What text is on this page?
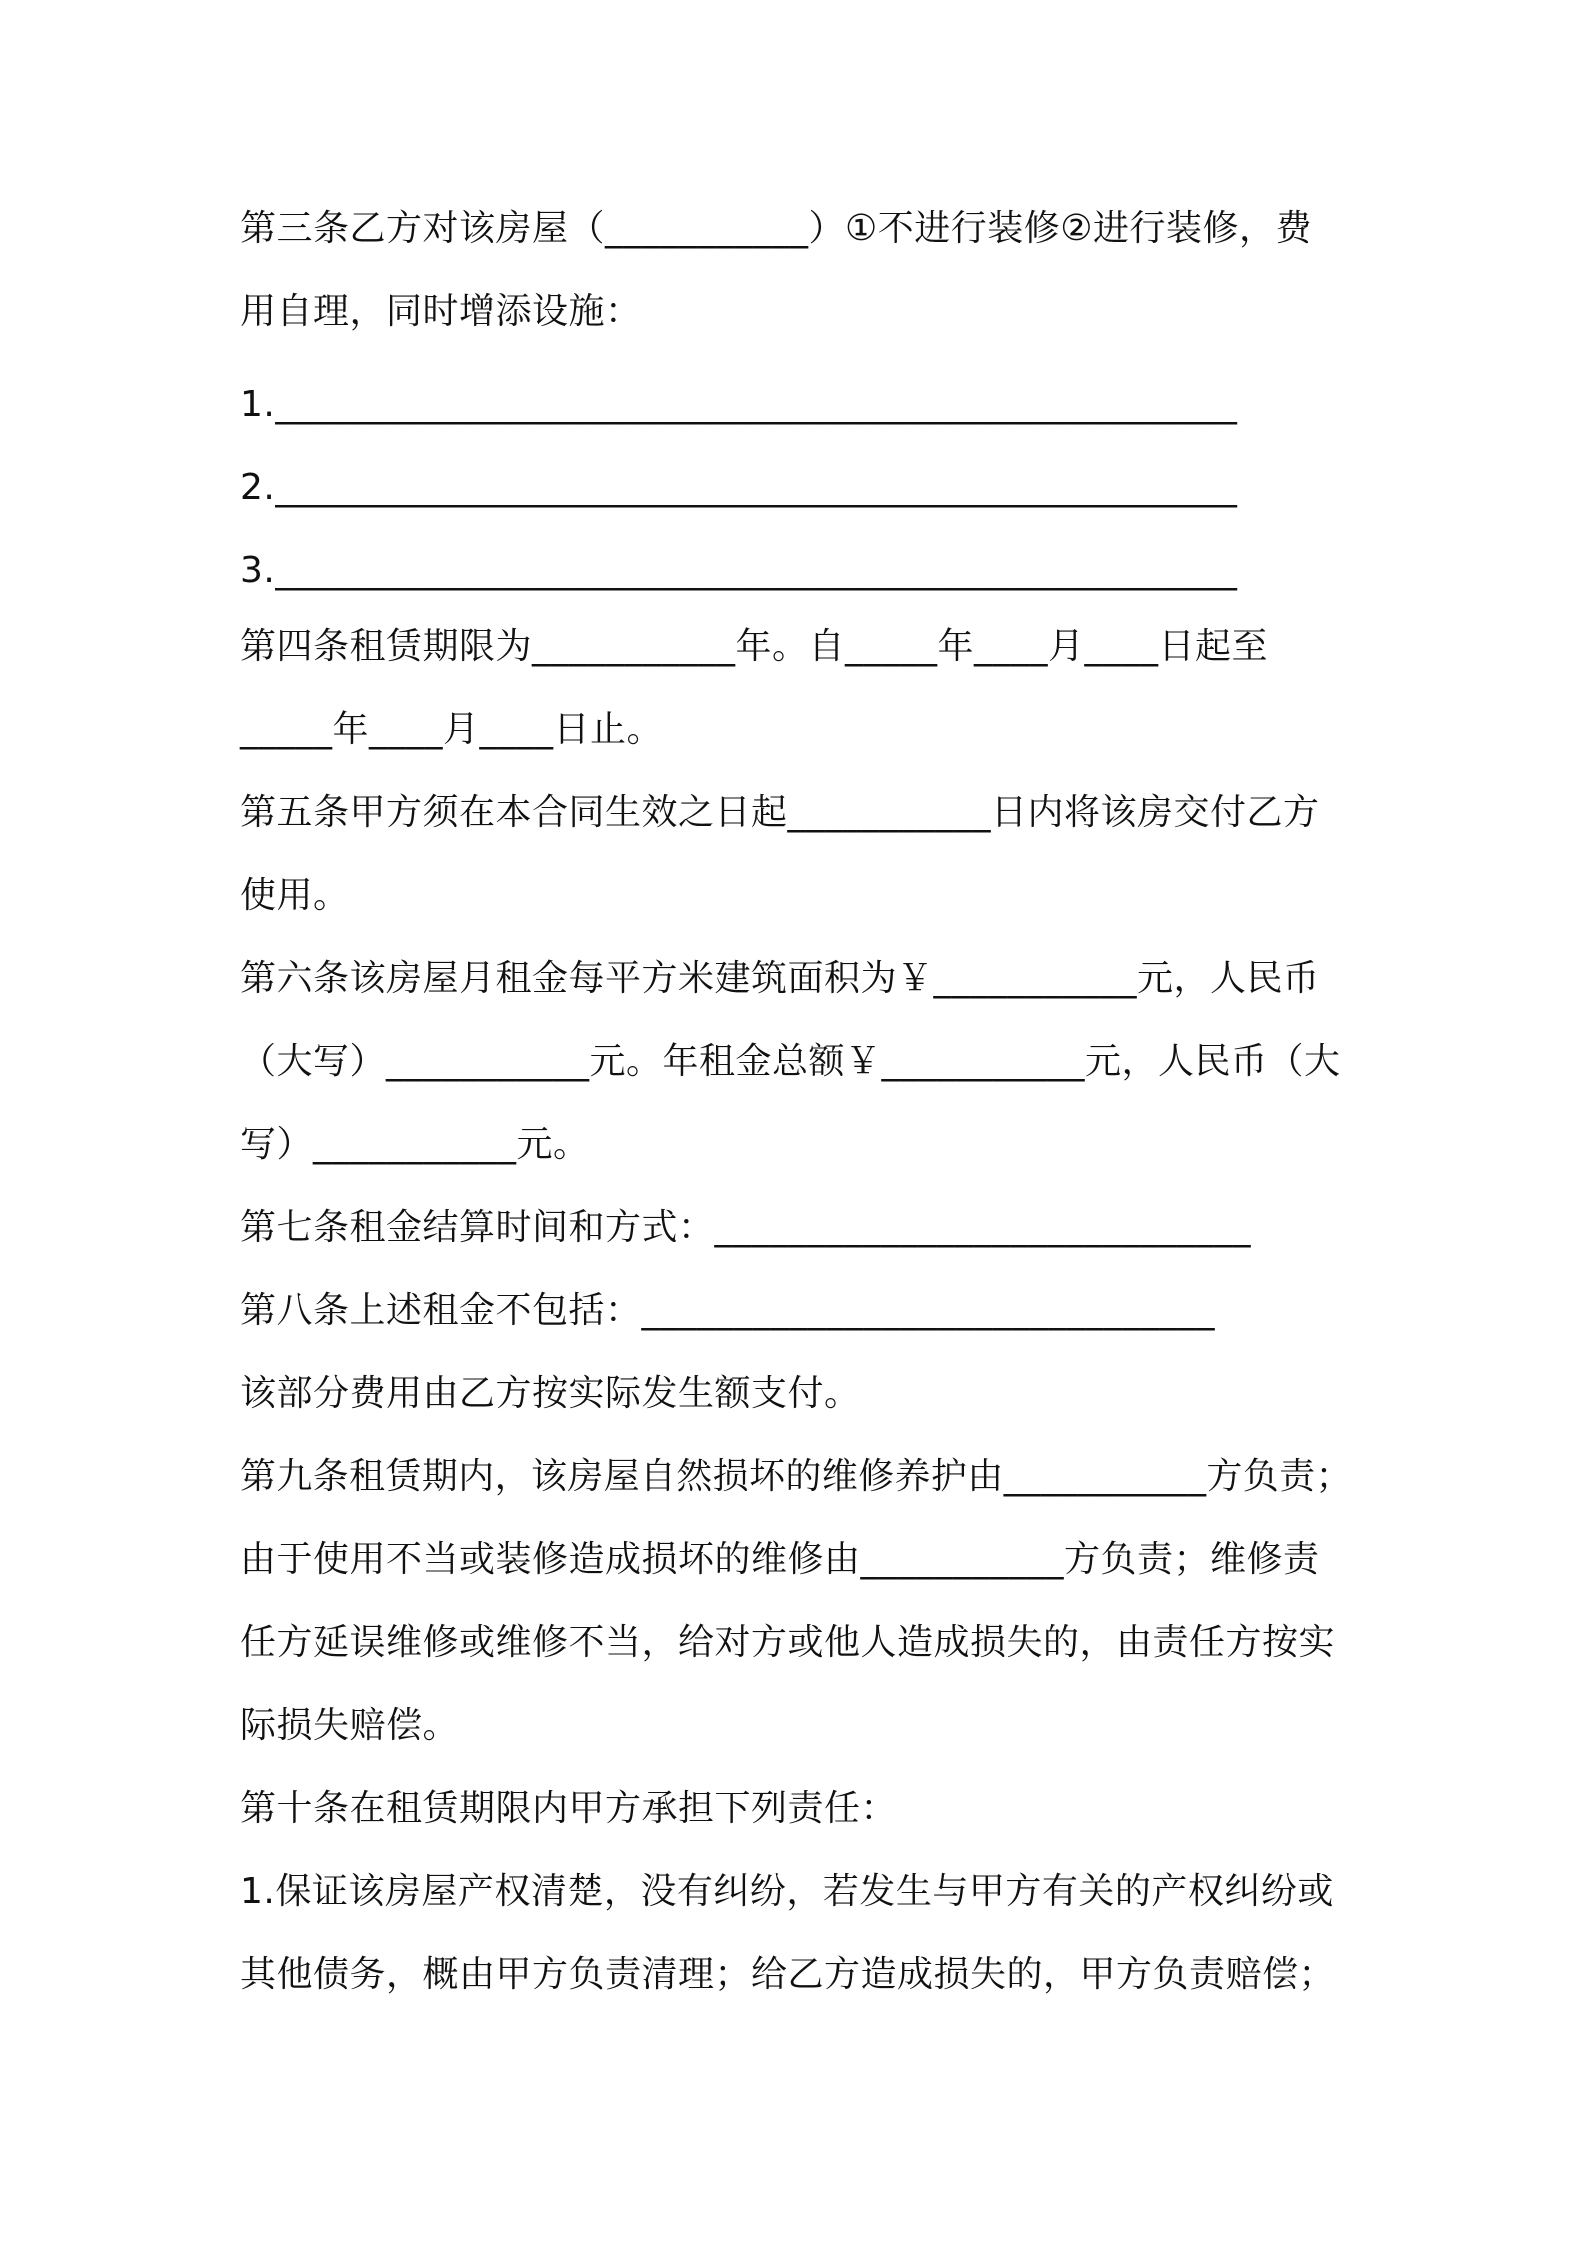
第三条乙方对该房屋（___________）①不进行装修②进行装修，费
用自理，同时增添设施：
1.____________________________________________________
2.____________________________________________________
3.____________________________________________________
第四条租赁期限为___________年。自_____年____月____日起至
_____年____月____日止。
第五条甲方须在本合同生效之日起___________日内将该房交付乙方
使用。
第六条该房屋月租金每平方米建筑面积为￥___________元，人民币
（大写）___________元。年租金总额￥___________元，人民币（大
写）___________元。
第七条租金结算时间和方式：_____________________________
第八条上述租金不包括：_______________________________
该部分费用由乙方按实际发生额支付。
第九条租赁期内，该房屋自然损坏的维修养护由___________方负责；
由于使用不当或装修造成损坏的维修由___________方负责；维修责
任方延误维修或维修不当，给对方或他人造成损失的，由责任方按实
际损失赔偿。
第十条在租赁期限内甲方承担下列责任：
1.保证该房屋产权清楚，没有纠纷，若发生与甲方有关的产权纠纷或
其他债务，概由甲方负责清理；给乙方造成损失的，甲方负责赔偿；
